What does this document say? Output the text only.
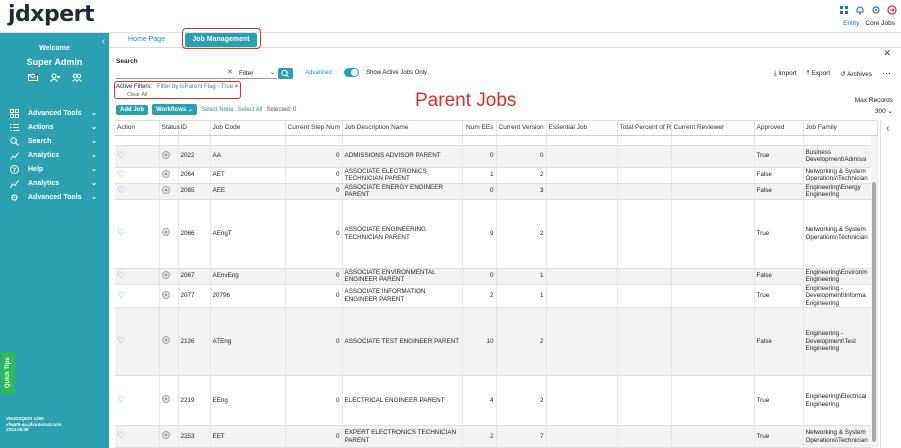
jdxpert	Entity Core Jobs
‹
Welcome
Super Admin
Advanced Tools ⌄
Actions	⌄
Search	⌄
Analytics	⌄
? Help	⌄
Analytics	⌄
Advanced Tools ⌄
Quick Tips
VMJDSQ001 v200
vfwpt5-qa.jdxinternal.com
2024.08.06
Home Page	Job Management
✕
Search
✕ Filter	⌄	Advanced	Show Active Jobs Only	⤓ Import ⤒ Export ↺ Archives ⋯
Active Filters: Filter by IsParent Flag - True ×
Clear All	Parent Jobs	Max Records
300 ⌄
Add Job	Workflows ⌄	Select None Select All Selected: 0
Action	Status	ID	Job Code	Current Step Num	Job Description Name	Num EEs	Current Version	Essential Job	Total Percent of R	Current Reviewer	Approved	Job Family

♡		2022	AA	0	ADMISSIONS ADVISOR PARENT	0	0				True	Business Development\Admissi
♡		2064	AET	0	ASSOCIATE ELECTRONICS TECHNICIAN PARENT	1	2				False	Networking & System Operations\Technician
♡		2065	AEE	0	ASSOCIATE ENERGY ENGINEER PARENT	0	3				False	Engineering\Energy Engineering
♡		2066	AEngT	0	ASSOCIATE ENGINEERING TECHNICIAN PARENT	9	2				True	Networking & System Operations\Technician
♡		2067	AEnvEng	0	ASSOCIATE ENVIRONMENTAL ENGINEER PARENT	0	1				False	Engineering\Environm Engineering
♡		2077	20796	0	ASSOCIATE INFORMATION ENGINEER PARENT	2	1				True	Engineering - Development\Informa Engineering
♡		2126	ATEng	0	ASSOCIATE TEST ENGINEER PARENT	10	2				False	Engineering - Development\Test Engineering
♡		2219	EEng	0	ELECTRICAL ENGINEER PARENT	4	2				True	Engineering\Electrical Engineering
♡		2253	EET	0	EXPERT ELECTRONICS TECHNICIAN PARENT	2	7				True	Networking & System Operations\Technician
‹
